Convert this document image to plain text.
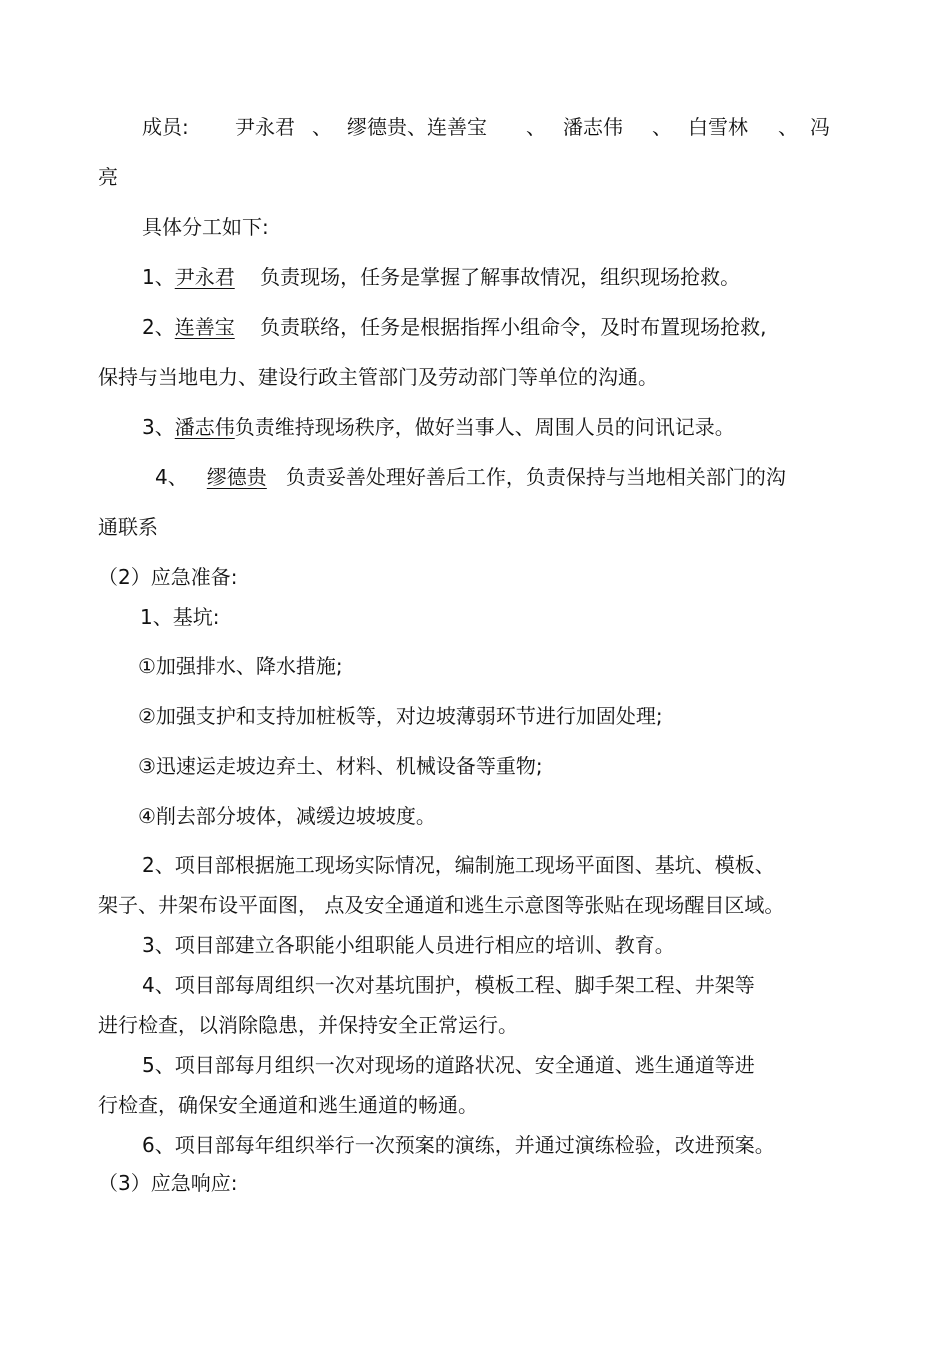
成员: 尹永君 、 缪德贵、连善宝 、 潘志伟 、 白雪林 、 冯
亮
具体分工如下:
1、尹永君 负责现场，任务是掌握了解事故情况，组织现场抢救。
2、连善宝 负责联络，任务是根据指挥小组命令，及时布置现场抢救,
保持与当地电力、建设行政主管部门及劳动部门等单位的沟通。
3、潘志伟负责维持现场秩序，做好当事人、周围人员的问讯记录。
4、 缪德贵 负责妥善处理好善后工作，负责保持与当地相关部门的沟
通联系
（2）应急准备:
1、基坑:
①加强排水、降水措施;
②加强支护和支持加桩板等，对边坡薄弱环节进行加固处理;
③迅速运走坡边弃土、材料、机械设备等重物;
④削去部分坡体，减缓边坡坡度。
2、项目部根据施工现场实际情况，编制施工现场平面图、基坑、模板、
架子、井架布设平面图， 点及安全通道和逃生示意图等张贴在现场醒目区域。
3、项目部建立各职能小组职能人员进行相应的培训、教育。
4、项目部每周组织一次对基坑围护，模板工程、脚手架工程、井架等
进行检查，以消除隐患，并保持安全正常运行。
5、项目部每月组织一次对现场的道路状况、安全通道、逃生通道等进
行检查，确保安全通道和逃生通道的畅通。
6、项目部每年组织举行一次预案的演练，并通过演练检验，改进预案。
（3）应急响应:
